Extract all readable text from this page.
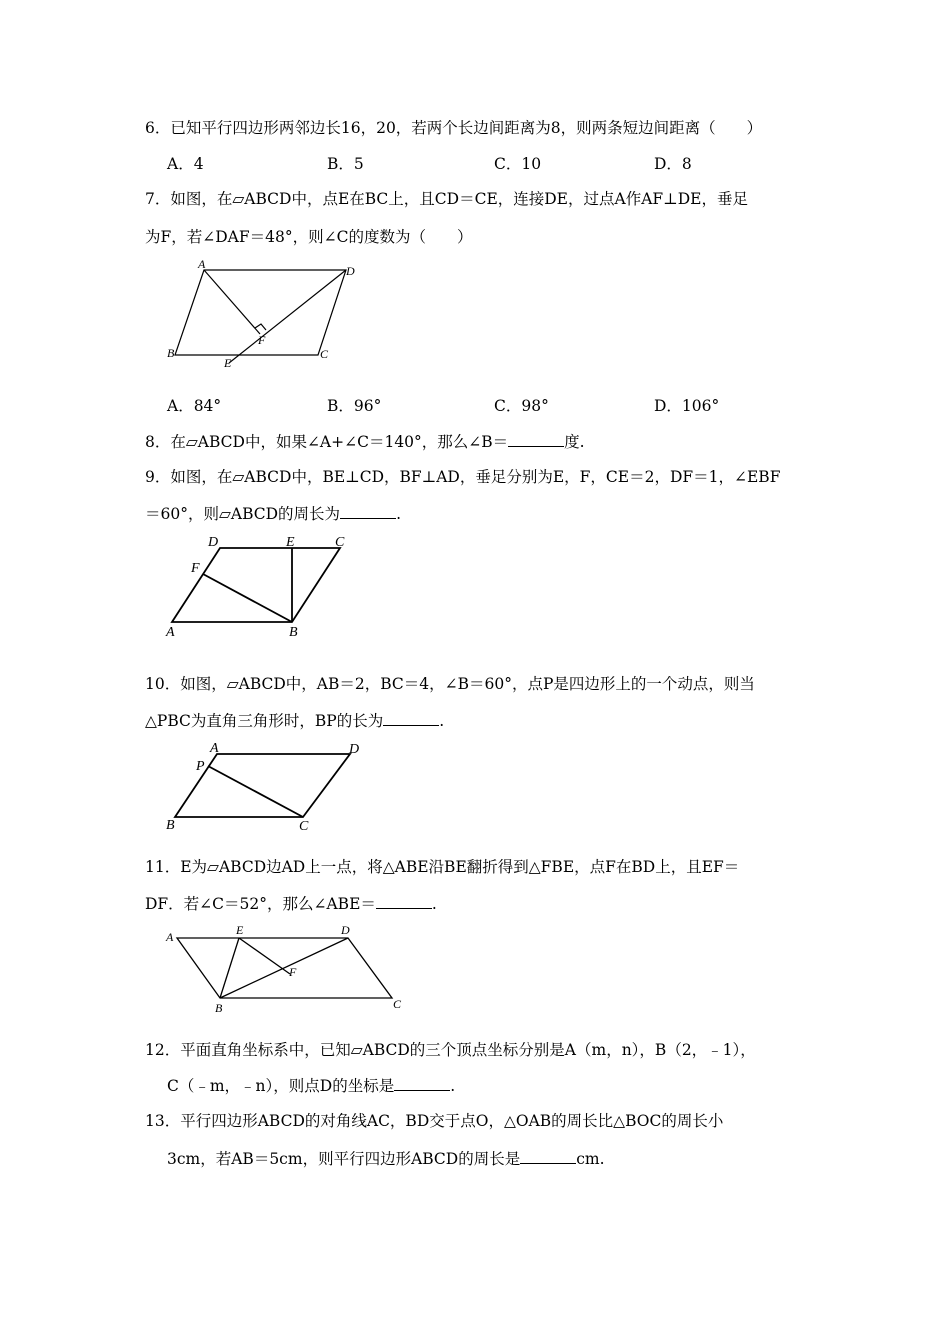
6．已知平行四边形两邻边长16，20，若两个长边间距离为8，则两条短边间距离（　　）
A．4	B．5	C．10	D．8
7．如图，在▱ABCD中，点E在BC上，且CD＝CE，连接DE，过点A作AF⊥DE，垂足
为F，若∠DAF＝48°，则∠C的度数为（　　）
A	D
B
E
F
C
A．84°	B．96°	C．98°	D．106°
8．在▱ABCD中，如果∠A+∠C＝140°，那么∠B＝	度.
9．如图，在▱ABCD中，BE⊥CD，BF⊥AD，垂足分别为E，F，CE＝2，DF＝1，∠EBF
＝60°，则▱ABCD的周长为	.
D	E	C
F
A	B
10．如图，▱ABCD中，AB＝2，BC＝4，∠B＝60°，点P是四边形上的一个动点，则当
△PBC为直角三角形时，BP的长为	.
A	D
P
B	C
11．E为▱ABCD边AD上一点，将△ABE沿BE翻折得到△FBE，点F在BD上，且EF＝
DF．若∠C＝52°，那么∠ABE＝	.
A	E	D
F
B	C
12．平面直角坐标系中，已知▱ABCD的三个顶点坐标分别是A（m，n），B（2，﹣1），
C（﹣m，﹣n），则点D的坐标是	.
13．平行四边形ABCD的对角线AC，BD交于点O，△OAB的周长比△BOC的周长小
3cm，若AB＝5cm，则平行四边形ABCD的周长是	cm.
